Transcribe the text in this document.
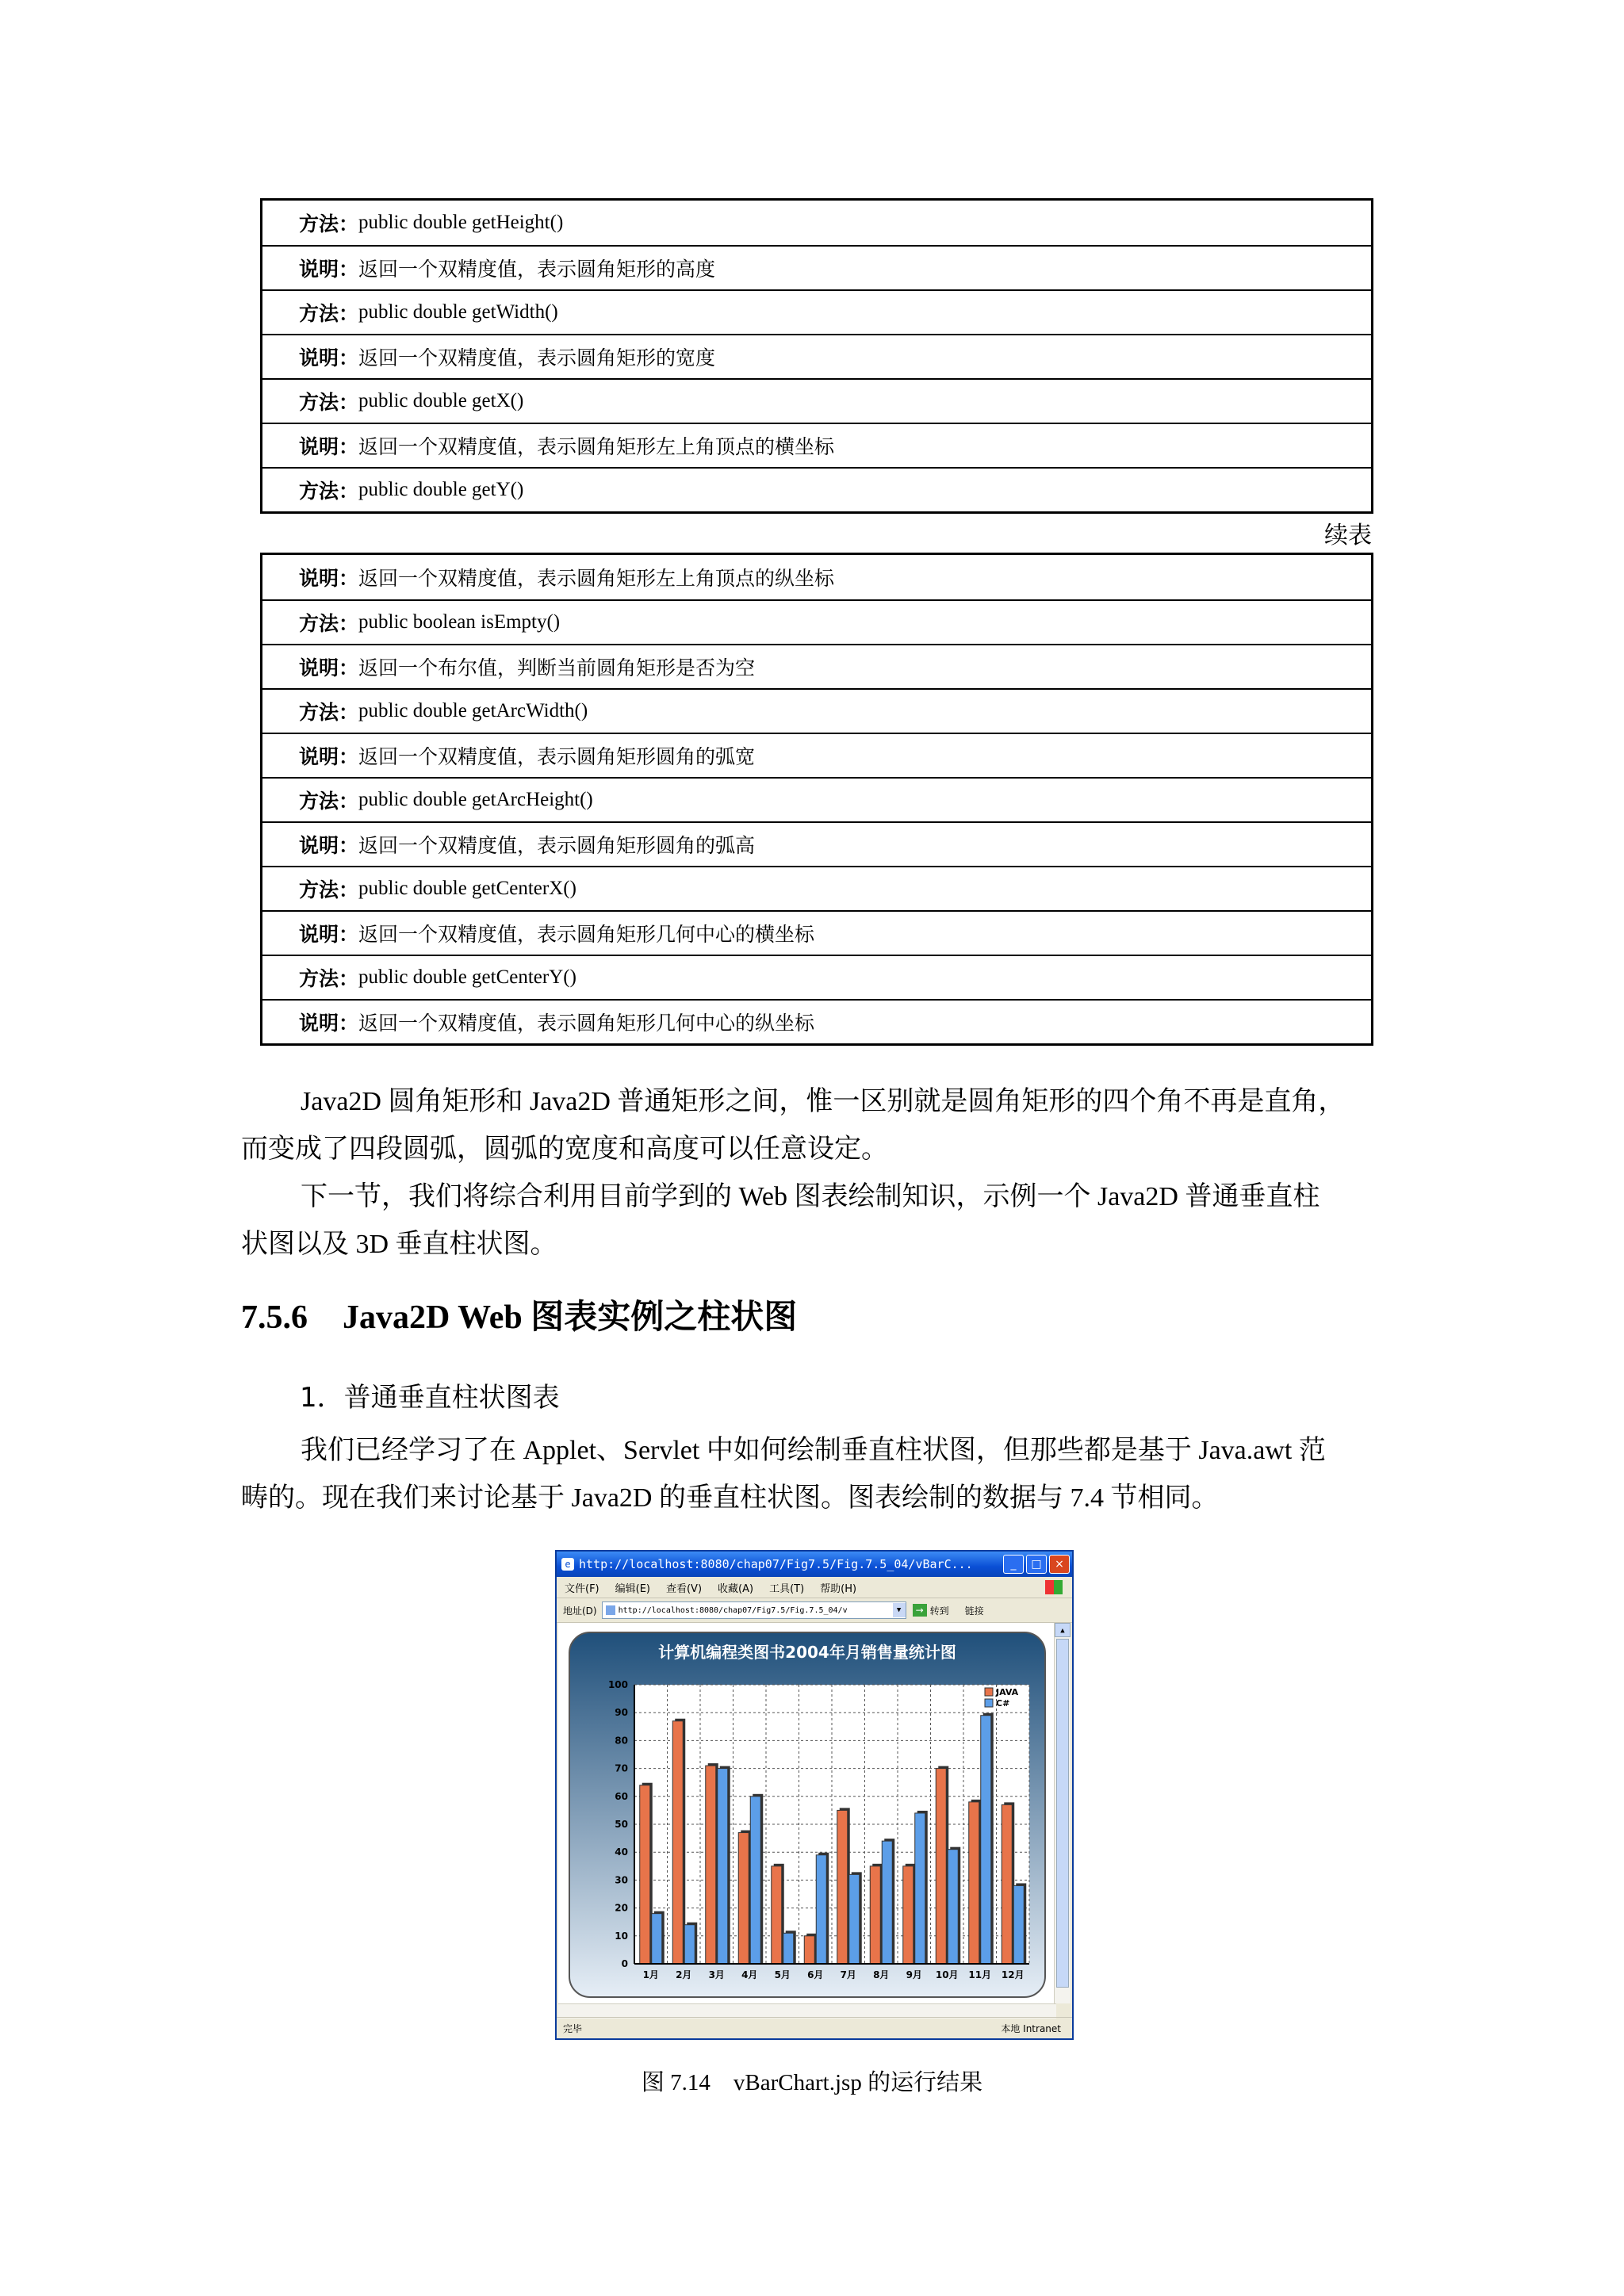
方法： public double getHeight()
说明： 返回一个双精度值，表示圆角矩形的高度
方法： public double getWidth()
说明： 返回一个双精度值，表示圆角矩形的宽度
方法： public double getX()
说明： 返回一个双精度值，表示圆角矩形左上角顶点的横坐标
方法： public double getY()
续表
说明： 返回一个双精度值，表示圆角矩形左上角顶点的纵坐标
方法： public boolean isEmpty()
说明： 返回一个布尔值，判断当前圆角矩形是否为空
方法： public double getArcWidth()
说明： 返回一个双精度值，表示圆角矩形圆角的弧宽
方法： public double getArcHeight()
说明： 返回一个双精度值，表示圆角矩形圆角的弧高
方法： public double getCenterX()
说明： 返回一个双精度值，表示圆角矩形几何中心的横坐标
方法： public double getCenterY()
说明： 返回一个双精度值，表示圆角矩形几何中心的纵坐标
Java2D 圆角矩形和 Java2D 普通矩形之间，惟一区别就是圆角矩形的四个角不再是直角，
而变成了四段圆弧，圆弧的宽度和高度可以任意设定。
下一节，我们将综合利用目前学到的 Web 图表绘制知识，示例一个 Java2D 普通垂直柱
状图以及 3D 垂直柱状图。
7.5.6 Java2D Web 图表实例之柱状图
1．普通垂直柱状图表
我们已经学习了在 Applet、Servlet 中如何绘制垂直柱状图，但那些都是基于 Java.awt 范
畴的。现在我们来讨论基于 Java2D 的垂直柱状图。图表绘制的数据与 7.4 节相同。
e http://localhost:8080/chap07/Fig7.5/Fig.7.5_04/vBarC...	_	□	×
文件(F) 编辑(E) 查看(V) 收藏(A) 工具(T) 帮助(H)
地址(D)	http://localhost:8080/chap07/Fig7.5/Fig.7.5_04/v	▼	→ 转到 链接
计算机编程类图书2004年月销售量统计图
0
10
20
30
40
50
60
70
80
90
100
1月 2月 3月 4月 5月 6月 7月 8月 9月 10月 11月 12月
JAVA
C#
▲
完毕	本地 Intranet
图 7.14　vBarChart.jsp 的运行结果
